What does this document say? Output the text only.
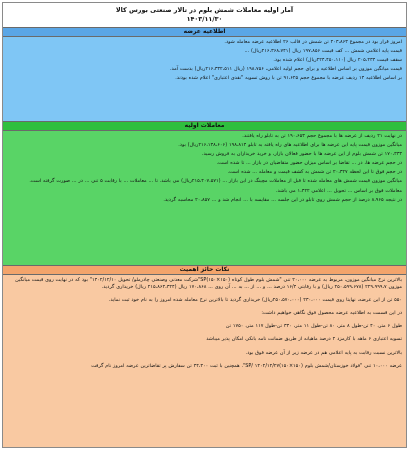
آمار اولیه معاملات شمش بلوم در تالار صنعتی بورس کالا
۱۴۰۳/۱۱/۳۰
اطلاعیه عرضه

امروز قرار بود در مجموع ۲۰۳،۸۶۳ تن شمش در قالب ۲۶ اطلاعیه عرضه معامله شود.

قیمت پایه اعلامی شمش ... کف قیمت ۱۹۷،۸۵۶ ریال (۲۱۶،۳۶۸،۷۴۱ریال) ...

سقف قیمت ۲۰۵،۲۳۴ ریال (۲۲۴،۴۵۰،۱۱۰ریال) اعلام شده بود.

قیمت میانگین موزون بر اساس اطلاعیه و برای حجم اولیه اعلامی، ۱۹۸،۷۵۶ (ریال ۲۱۶،۳۳۲،۵۱۱ریال) بدست آمد.

بر اساس اطلاعیه ۱۴ ردیف عرضه با مجموع حجم ۹۱،۶۲۵ تن با روش تسویه "نقدی اعتباری" اعلام شده بودند.

معاملات اولیه

در نهایت ۲۱ ردیف از عرضه ها با مجموع حجم ۱۹۰،۶۵۳ تن به تابلو راه یافتند.

میانگین موزون قیمت پایه این عرضه ها برای اطلاعیه های راه یافته به تابلو ۱۹۸،۸۱۴ (۲۱۶،۱۳۸،۶۰۶ریال) بود.

۱۷۰،۳۳۳ تن شمش بلوم از این عرضه ها با حضور فعالان بازار، و خرید خریداران به فروش رسید.

در حجم عرضه ها، در ... تقاضا بر اساس میزان حضور متقاضیان در بازار ... تا شده است.

در حجم فوق تا این لحظه ۲۰،۳۲۷ تن شمش به کشف قیمت و معامله ... شده است.

میانگین موزون قیمت شمش های معامله شده تا قبل از معاملات مچینگ در این بازار ... (۲۱۵،۴۰۷،۵۷۱ریال) می باشد. تا ... معاملات ... با رقابت ۵ تنی ... در ... صورت گرفته است.

معاملات فوق بر اساس ... تحویل ... اعلامی ۱،۴۲۲ می باشد.

در نتیجه ۸،۹۶۵ درصد از حجم شمش روی تابلو در این جلسه ... مقایسه با ... انجام شد و ... ۲۰،۸۵۷ محاسبه گردید.

نکات حائز اهمیت

بالاترین نرخ میانگین موزون، مربوط به عرضه ۲۰،۰۰۰ تنی "شمش بلوم طول کوتاه (۱۵۰×۱۵۰)SP"شرکت معدنی وصنعتی چادرملو/ تحویل ۱۴۰۲/۱۲/۱۰" بود که در نهایت روی قیمت میانگین موزون ۲۲۹،۹۹۹،۷ (۲۵۰،۵۹۹،۶۷۸ ریال) و با رقابتی ۱۶/۴ درصد ... و ... از ... به ... آن روی ... ۱۷۰،۸۶۸ ریال (۲۱۵،۸۶۴،۳۲۴ ریال) خریداری گردید.

۵۵۰ تن از این عرضه، نهایتا روی قیمت ۲۳۰،۰۰۰ (۲۵۰،۵۷۰،۰۰۰ریال) خریداری گردید تا بالاترین نرخ معامله شده امروز را به نام خود ثبت نماید.

در این قسمت به اطلاعیه عرضه محصول فوق نگاهی خواهیم داشت:

طول ۶ متر، ۴۰ تن-طول ۸ متر، ۸۰ تن-طول ۱۱ متر، ۳۳۰ تن-طول ۱۱۷ متر، ۱۷۵۰ تن

تسویه اعتباری ۶ ماهه با کارمزد ۲ درصد ماهیانه از طریق ضمانت نامه بانکی امکان پذیر میباشد

بالاترین نسبت رقابت به پایه اعلامی هم در عرضه زیر از آن عرضه فوق بود.

عرضه ۱۰،۰۰۰ تنی "فولاد خوزستان/شمش بلوم (۱۵۰×۱۵۰)SP/ ۱۴۰۲/۱۲/۲۷". همچنین با ثبت ۴۴،۳۰۰ تن سفارش پر تقاضاترین عرضه امروز نام گرفت
